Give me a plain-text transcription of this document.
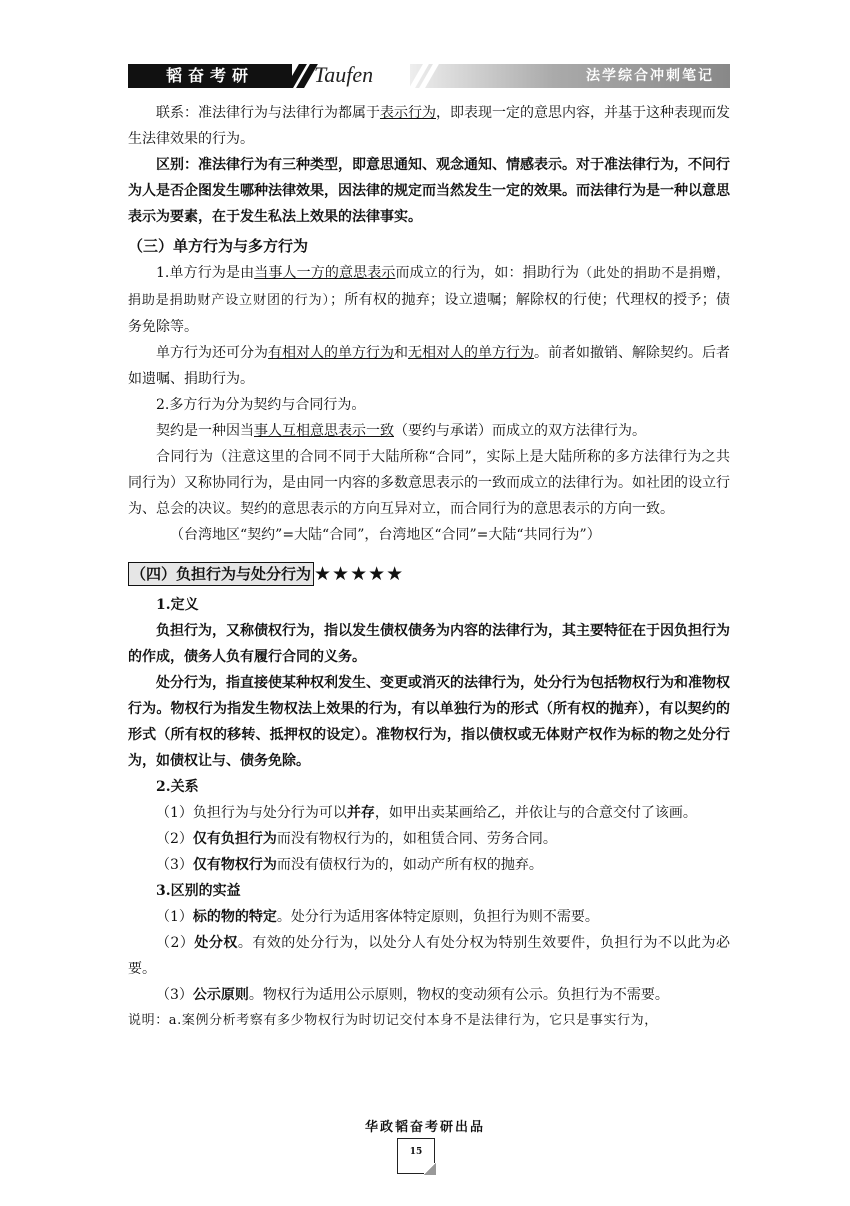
韬奋考研	Taufen	法学综合冲刺笔记

联系：准法律行为与法律行为都属于表示行为，即表现一定的意思内容，并基于这种表现而发生法律效果的行为。

区别：准法律行为有三种类型，即意思通知、观念通知、情感表示。对于准法律行为，不问行为人是否企图发生哪种法律效果，因法律的规定而当然发生一定的效果。而法律行为是一种以意思表示为要素，在于发生私法上效果的法律事实。

（三）单方行为与多方行为

1.单方行为是由当事人一方的意思表示而成立的行为，如：捐助行为（此处的捐助不是捐赠，捐助是捐助财产设立财团的行为）；所有权的抛弃；设立遗嘱；解除权的行使；代理权的授予；债务免除等。

单方行为还可分为有相对人的单方行为和无相对人的单方行为。前者如撤销、解除契约。后者如遗嘱、捐助行为。

2.多方行为分为契约与合同行为。

契约是一种因当事人互相意思表示一致（要约与承诺）而成立的双方法律行为。

合同行为（注意这里的合同不同于大陆所称“合同”，实际上是大陆所称的多方法律行为之共同行为）又称协同行为，是由同一内容的多数意思表示的一致而成立的法律行为。如社团的设立行为、总会的决议。契约的意思表示的方向互异对立，而合同行为的意思表示的方向一致。

（台湾地区“契约”=大陆“合同”，台湾地区“合同”=大陆“共同行为”）

（四）负担行为与处分行为 ★★★★★

1.定义

负担行为，又称债权行为，指以发生债权债务为内容的法律行为，其主要特征在于因负担行为的作成，债务人负有履行合同的义务。

处分行为，指直接使某种权利发生、变更或消灭的法律行为，处分行为包括物权行为和准物权行为。物权行为指发生物权法上效果的行为，有以单独行为的形式（所有权的抛弃），有以契约的形式（所有权的移转、抵押权的设定）。准物权行为，指以债权或无体财产权作为标的物之处分行为，如债权让与、债务免除。

2.关系

（1）负担行为与处分行为可以并存，如甲出卖某画给乙，并依让与的合意交付了该画。

（2）仅有负担行为而没有物权行为的，如租赁合同、劳务合同。

（3）仅有物权行为而没有债权行为的，如动产所有权的抛弃。

3.区别的实益

（1）标的物的特定。处分行为适用客体特定原则，负担行为则不需要。

（2）处分权。有效的处分行为，以处分人有处分权为特别生效要件，负担行为不以此为必要。

（3）公示原则。物权行为适用公示原则，物权的变动须有公示。负担行为不需要。

说明：a.案例分析考察有多少物权行为时切记交付本身不是法律行为，它只是事实行为，

华政韬奋考研出品
15
